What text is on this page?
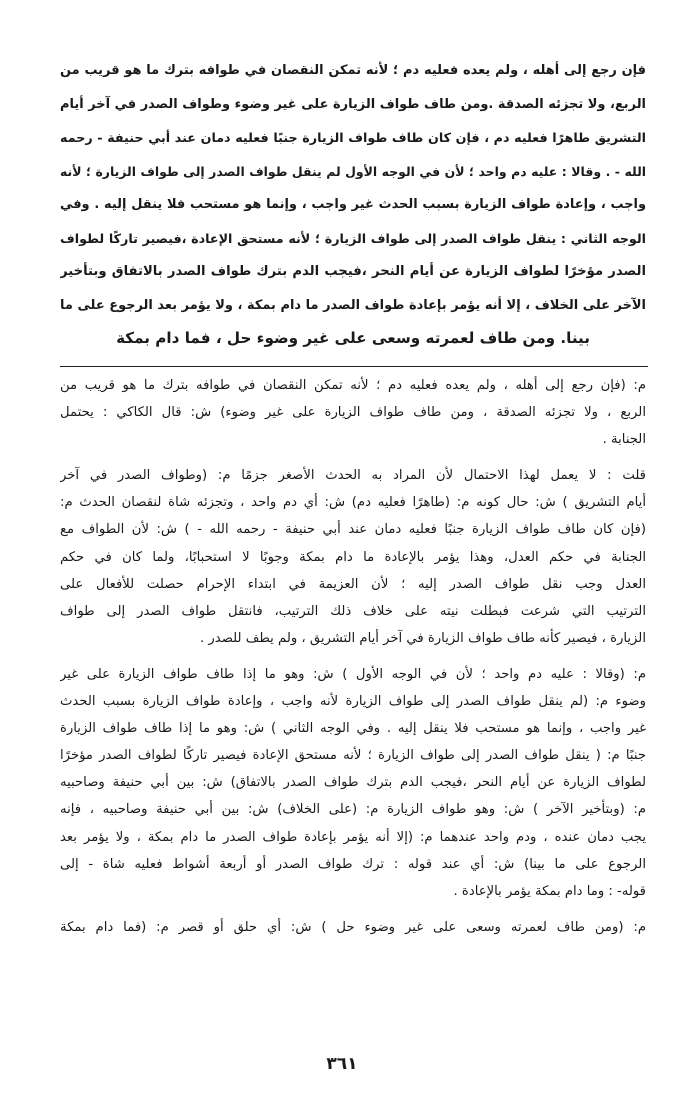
فإن رجع إلى أهله ، ولم يعده فعليه دم ؛ لأنه تمكن النقصان في طوافه بترك ما هو قريب من
الربع، ولا تجزئه الصدقة .ومن طاف طواف الزيارة على غير وضوء وطواف الصدر في آخر أيام
التشريق طاهرًا فعليه دم ، فإن كان طاف طواف الزيارة جنبًا فعليه دمان عند أبي حنيفة - رحمه
الله - . وقالا : عليه دم واحد ؛ لأن في الوجه الأول لم ينقل طواف الصدر إلى طواف الزيارة ؛ لأنه
واجب ، وإعادة طواف الزيارة بسبب الحدث غير واجب ، وإنما هو مستحب فلا ينقل إليه . وفي
الوجه الثاني : ينقل طواف الصدر إلى طواف الزيارة ؛ لأنه مستحق الإعادة ،فيصير تاركًا لطواف
الصدر مؤخرًا لطواف الزيارة عن أيام النحر ،فيجب الدم بترك طواف الصدر بالاتفاق وبتأخير
الآخر على الخلاف ، إلا أنه يؤمر بإعادة طواف الصدر ما دام بمكة ، ولا يؤمر بعد الرجوع على ما
بينا. ومن طاف لعمرته وسعى على غير وضوء حل ، فما دام بمكة
م: (فإن رجع إلى أهله ، ولم يعده فعليه دم ؛ لأنه تمكن النقصان في طوافه بترك ما هو قريب من
الربع ، ولا تجزئه الصدقة ، ومن طاف طواف الزيارة على غير وضوء) ش: قال الكاكي : يحتمل
الجنابة .
قلت : لا يعمل لهذا الاحتمال لأن المراد به الحدث الأصغر جزمًا م: (وطواف الصدر في آخر
أيام التشريق ) ش: حال كونه م: (طاهرًا فعليه دم) ش: أي دم واحد ، وتجزئه شاة لنقصان الحدث م:
(فإن كان طاف طواف الزيارة جنبًا فعليه دمان عند أبي حنيفة - رحمه الله - ) ش: لأن الطواف مع
الجنابة في حكم العدل، وهذا يؤمر بالإعادة ما دام بمكة وجوبًا لا استحبابًا، ولما كان في حكم
العدل وجب نقل طواف الصدر إليه ؛ لأن العزيمة في ابتداء الإحرام حصلت للأفعال على
الترتيب التي شرعت فبطلت نيته على خلاف ذلك الترتيب، فانتقل طواف الصدر إلى طواف
الزيارة ، فيصير كأنه طاف طواف الزيارة في آخر أيام التشريق ، ولم يطف للصدر .
م: (وقالا : عليه دم واحد ؛ لأن في الوجه الأول ) ش: وهو ما إذا طاف طواف الزيارة على غير
وضوء م: (لم ينقل طواف الصدر إلى طواف الزيارة لأنه واجب ، وإعادة طواف الزيارة بسبب الحدث
غير واجب ، وإنما هو مستحب فلا ينقل إليه . وفي الوجه الثاني ) ش: وهو ما إذا طاف طواف الزيارة
جنبًا م: ( ينقل طواف الصدر إلى طواف الزيارة ؛ لأنه مستحق الإعادة فيصير تاركًا لطواف الصدر مؤخرًا
لطواف الزيارة عن أيام النحر ،فيجب الدم بترك طواف الصدر بالاتفاق) ش: بين أبي حنيفة وصاحبيه
م: (وبتأخير الآخر ) ش: وهو طواف الزيارة م: (على الخلاف) ش: بين أبي حنيفة وصاحبيه ، فإنه
يجب دمان عنده ، ودم واحد عندهما م: (إلا أنه يؤمر بإعادة طواف الصدر ما دام بمكة ، ولا يؤمر بعد
الرجوع على ما بينا) ش: أي عند قوله : ترك طواف الصدر أو أربعة أشواط فعليه شاة - إلى
قوله- : وما دام بمكة يؤمر بالإعادة .
م: (ومن طاف لعمرته وسعى على غير وضوء حل ) ش: أي حلق أو قصر م: (فما دام بمكة
٣٦١
